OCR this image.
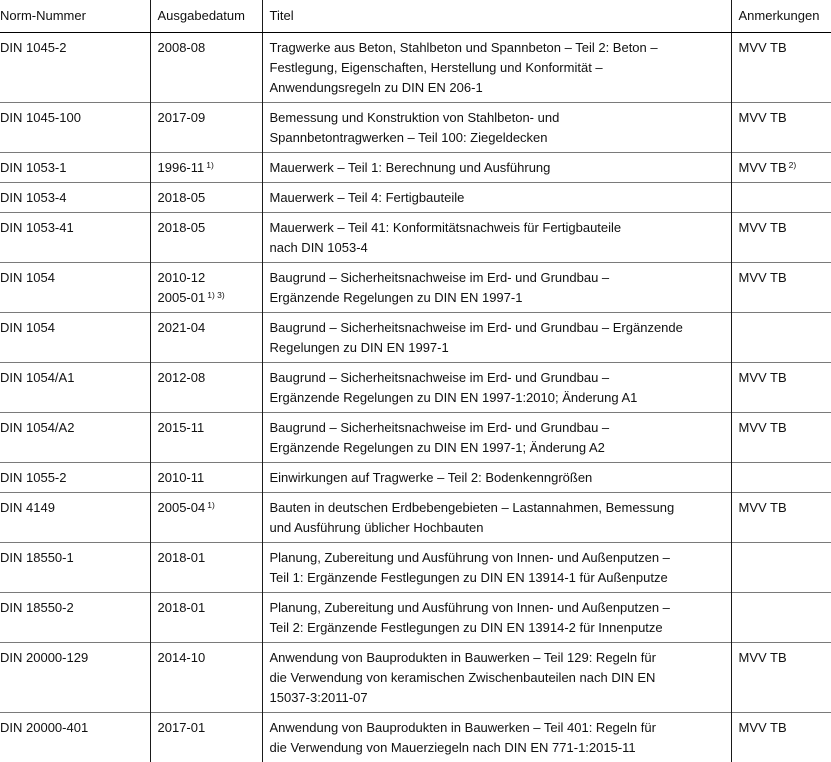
Norm-Nummer	Ausgabedatum	Titel	Anmerkungen
DIN 1045-2	2008-08	Tragwerke aus Beton, Stahlbeton und Spannbeton – Teil 2: Beton –
Festlegung, Eigenschaften, Herstellung und Konformität –
Anwendungsregeln zu DIN EN 206-1	MVV TB
DIN 1045-100	2017-09	Bemessung und Konstruktion von Stahlbeton- und
Spannbetontragwerken – Teil 100: Ziegeldecken	MVV TB
DIN 1053-1	1996-11 $^{1)}$	Mauerwerk – Teil 1: Berechnung und Ausführung	MVV TB $^{2)}$
DIN 1053-4	2018-05	Mauerwerk – Teil 4: Fertigbauteile	

DIN 1053-41	2018-05	Mauerwerk – Teil 41: Konformitätsnachweis für Fertigbauteile
nach DIN 1053-4	MVV TB
DIN 1054	2010-12
2005-01 $^{1) 3)}$	Baugrund – Sicherheitsnachweise im Erd- und Grundbau –
Ergänzende Regelungen zu DIN EN 1997-1	MVV TB
DIN 1054	2021-04	Baugrund – Sicherheitsnachweise im Erd- und Grundbau – Ergänzende
Regelungen zu DIN EN 1997-1	

DIN 1054/A1	2012-08	Baugrund – Sicherheitsnachweise im Erd- und Grundbau –
Ergänzende Regelungen zu DIN EN 1997-1:2010; Änderung A1	MVV TB
DIN 1054/A2	2015-11	Baugrund – Sicherheitsnachweise im Erd- und Grundbau –
Ergänzende Regelungen zu DIN EN 1997-1; Änderung A2	MVV TB
DIN 1055-2	2010-11	Einwirkungen auf Tragwerke – Teil 2: Bodenkenngrößen	

DIN 4149	2005-04 $^{1)}$	Bauten in deutschen Erdbebengebieten – Lastannahmen, Bemessung
und Ausführung üblicher Hochbauten	MVV TB
DIN 18550-1	2018-01	Planung, Zubereitung und Ausführung von Innen- und Außenputzen –
Teil 1: Ergänzende Festlegungen zu DIN EN 13914-1 für Außenputze	

DIN 18550-2	2018-01	Planung, Zubereitung und Ausführung von Innen- und Außenputzen –
Teil 2: Ergänzende Festlegungen zu DIN EN 13914-2 für Innenputze	

DIN 20000-129	2014-10	Anwendung von Bauprodukten in Bauwerken – Teil 129: Regeln für
die Verwendung von keramischen Zwischenbauteilen nach DIN EN
15037-3:2011-07	MVV TB
DIN 20000-401	2017-01	Anwendung von Bauprodukten in Bauwerken – Teil 401: Regeln für
die Verwendung von Mauerziegeln nach DIN EN 771-1:2015-11	MVV TB
